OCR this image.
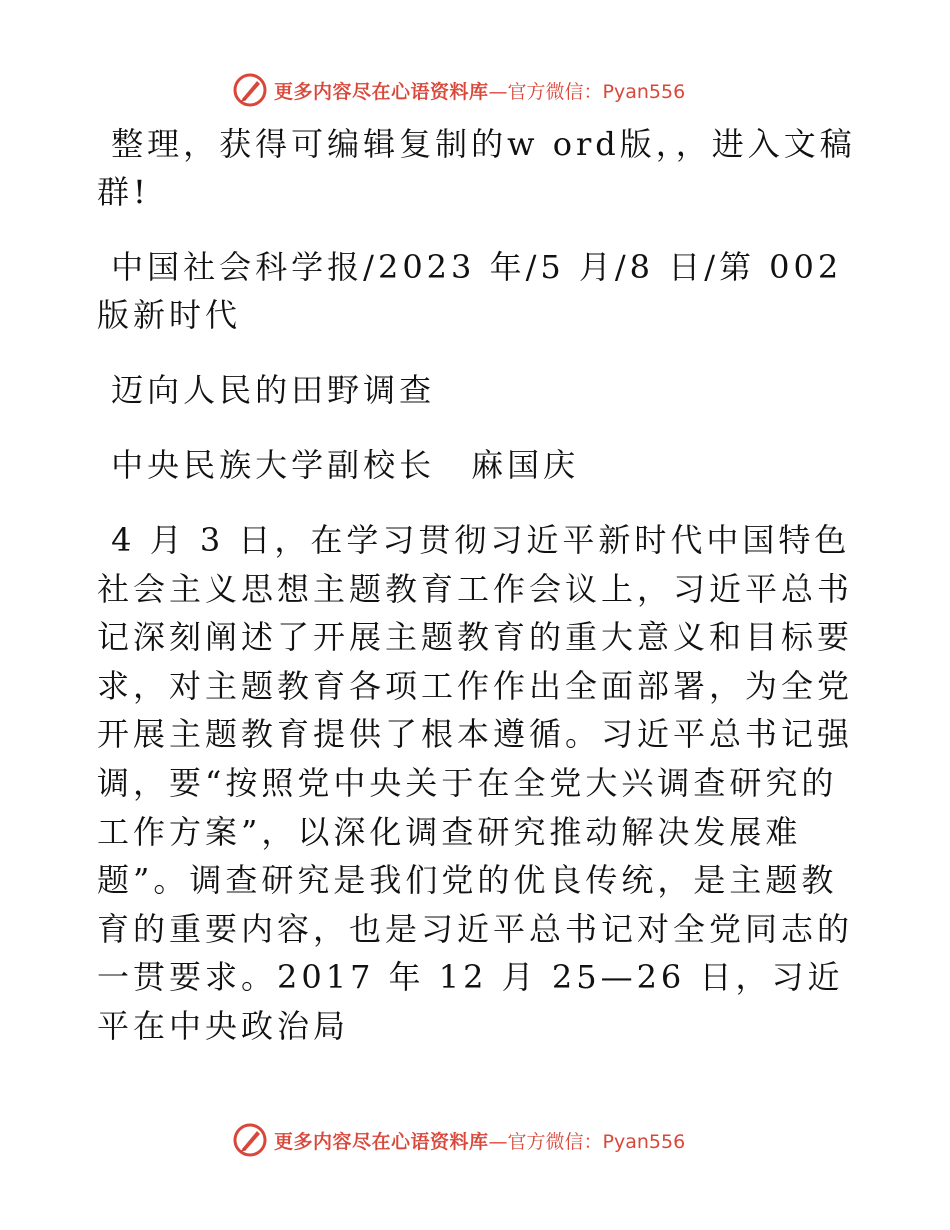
更多内容尽在心语资料库 —官方微信：Pyan556

整理，获得可编辑复制的w ord版，，进入文稿群!

中国社会科学报/2023 年/5 月/8 日/第 002 版新时代

迈向人民的田野调查

中央民族大学副校长　麻国庆

4 月 3 日，在学习贯彻习近平新时代中国特色社会主义思想主题教育工作会议上，习近平总书记深刻阐述了开展主题教育的重大意义和目标要求，对主题教育各项工作作出全面部署，为全党开展主题教育提供了根本遵循。习近平总书记强调，要“按照党中央关于在全党大兴调查研究的工作方案”，以深化调查研究推动解决发展难题”。调查研究是我们党的优良传统，是主题教育的重要内容，也是习近平总书记对全党同志的一贯要求。2017 年 12 月 25—26 日，习近平在中央政治局

更多内容尽在心语资料库 —官方微信：Pyan556
